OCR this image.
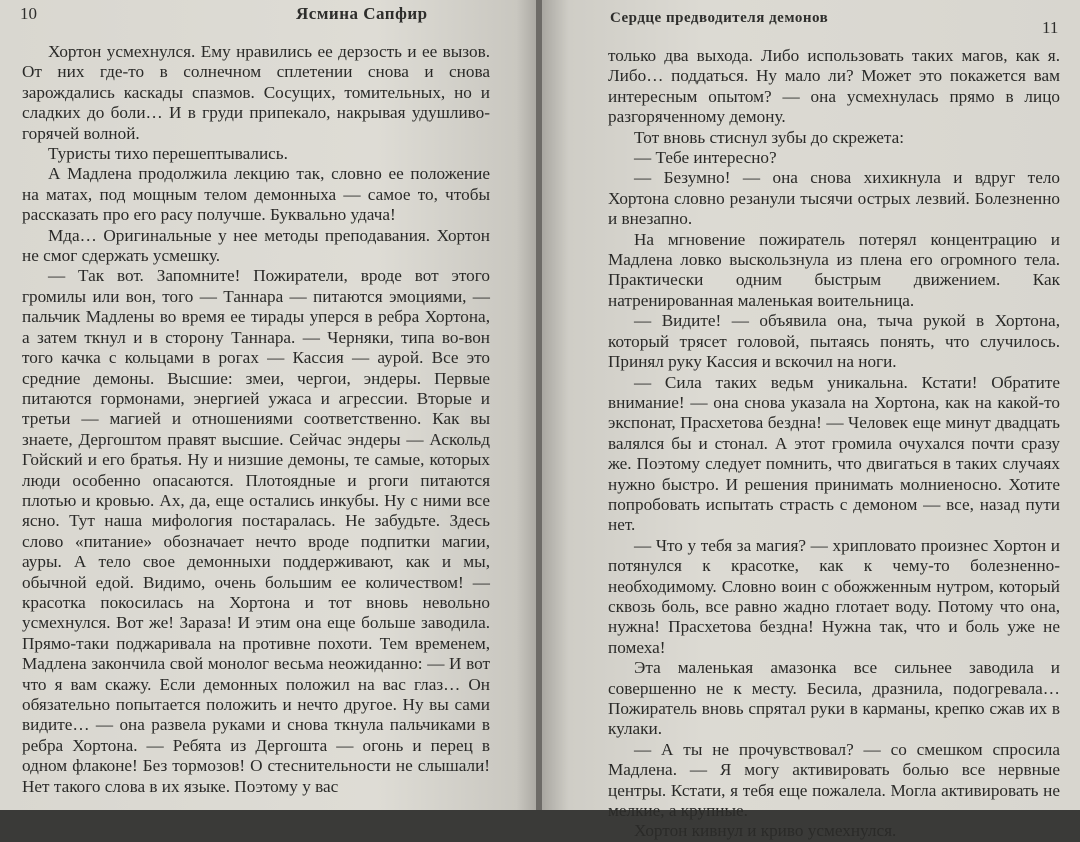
10	Ясмина Сапфир

Хортон усмехнулся. Ему нравились ее дерзость и ее вызов. От них где-то в солнечном сплетении снова и снова зарождались каскады спазмов. Сосущих, томительных, но и сладких до боли… И в груди припекало, накрывая удушливо-горячей волной.

Туристы тихо перешептывались.

А Мадлена продолжила лекцию так, словно ее положение на матах, под мощным телом демонныха — самое то, чтобы рассказать про его расу получше. Буквально удача!

Мда… Оригинальные у нее методы преподавания. Хортон не смог сдержать усмешку.

— Так вот. Запомните! Пожиратели, вроде вот этого громилы или вон, того — Таннара — питаются эмоциями, — пальчик Мадлены во время ее тирады уперся в ребра Хортона, а затем ткнул и в сторону Таннара. — Черняки, типа во-вон того качка с кольцами в рогах — Кассия — аурой. Все это средние демоны. Высшие: змеи, чергои, эндеры. Первые питаются гормонами, энергией ужаса и агрессии. Вторые и третьи — магией и отношениями соответственно. Как вы знаете, Дергоштом правят высшие. Сейчас эндеры — Аскольд Гойский и его братья. Ну и низшие демоны, те самые, которых люди особенно опасаются. Плотоядные и ргоги питаются плотью и кровью. Ах, да, еще остались инкубы. Ну с ними все ясно. Тут наша мифология постаралась. Не забудьте. Здесь слово «питание» обозначает нечто вроде подпитки магии, ауры. А тело свое демонныхи поддерживают, как и мы, обычной едой. Видимо, очень большим ее количеством! — красотка покосилась на Хортона и тот вновь невольно усмехнулся. Вот же! Зараза! И этим она еще больше заводила. Прямо-таки поджаривала на противне похоти. Тем временем, Мадлена закончила свой монолог весьма неожиданно: — И вот что я вам скажу. Если демонных положил на вас глаз… Он обязательно попытается положить и нечто другое. Ну вы сами видите… — она развела руками и снова ткнула пальчиками в ребра Хортона. — Ребята из Дергошта — огонь и перец в одном флаконе! Без тормозов! О стеснительности не слышали! Нет такого слова в их языке. Поэтому у вас

Сердце предводителя демонов	11

только два выхода. Либо использовать таких магов, как я. Либо… поддаться. Ну мало ли? Может это покажется вам интересным опытом? — она усмехнулась прямо в лицо разгоряченному демону.

Тот вновь стиснул зубы до скрежета:

— Тебе интересно?

— Безумно! — она снова хихикнула и вдруг тело Хортона словно резанули тысячи острых лезвий. Болезненно и внезапно.

На мгновение пожиратель потерял концентрацию и Мадлена ловко выскользнула из плена его огромного тела. Практически одним быстрым движением. Как натренированная маленькая воительница.

— Видите! — объявила она, тыча рукой в Хортона, который трясет головой, пытаясь понять, что случилось. Принял руку Кассия и вскочил на ноги.

— Сила таких ведьм уникальна. Кстати! Обратите внимание! — она снова указала на Хортона, как на какой-то экспонат, Прасхетова бездна! — Человек еще минут двадцать валялся бы и стонал. А этот громила очухался почти сразу же. Поэтому следует помнить, что двигаться в таких случаях нужно быстро. И решения принимать молниеносно. Хотите попробовать испытать страсть с демоном — все, назад пути нет.

— Что у тебя за магия? — хрипловато произнес Хортон и потянулся к красотке, как к чему-то болезненно-необходимому. Словно воин с обожженным нутром, который сквозь боль, все равно жадно глотает воду. Потому что она, нужна! Прасхетова бездна! Нужна так, что и боль уже не помеха!

Эта маленькая амазонка все сильнее заводила и совершенно не к месту. Бесила, дразнила, подогревала… Пожиратель вновь спрятал руки в карманы, крепко сжав их в кулаки.

— А ты не прочувствовал? — со смешком спросила Мадлена. — Я могу активировать болью все нервные центры. Кстати, я тебя еще пожалела. Могла активировать не мелкие, а крупные.

Хортон кивнул и криво усмехнулся.
